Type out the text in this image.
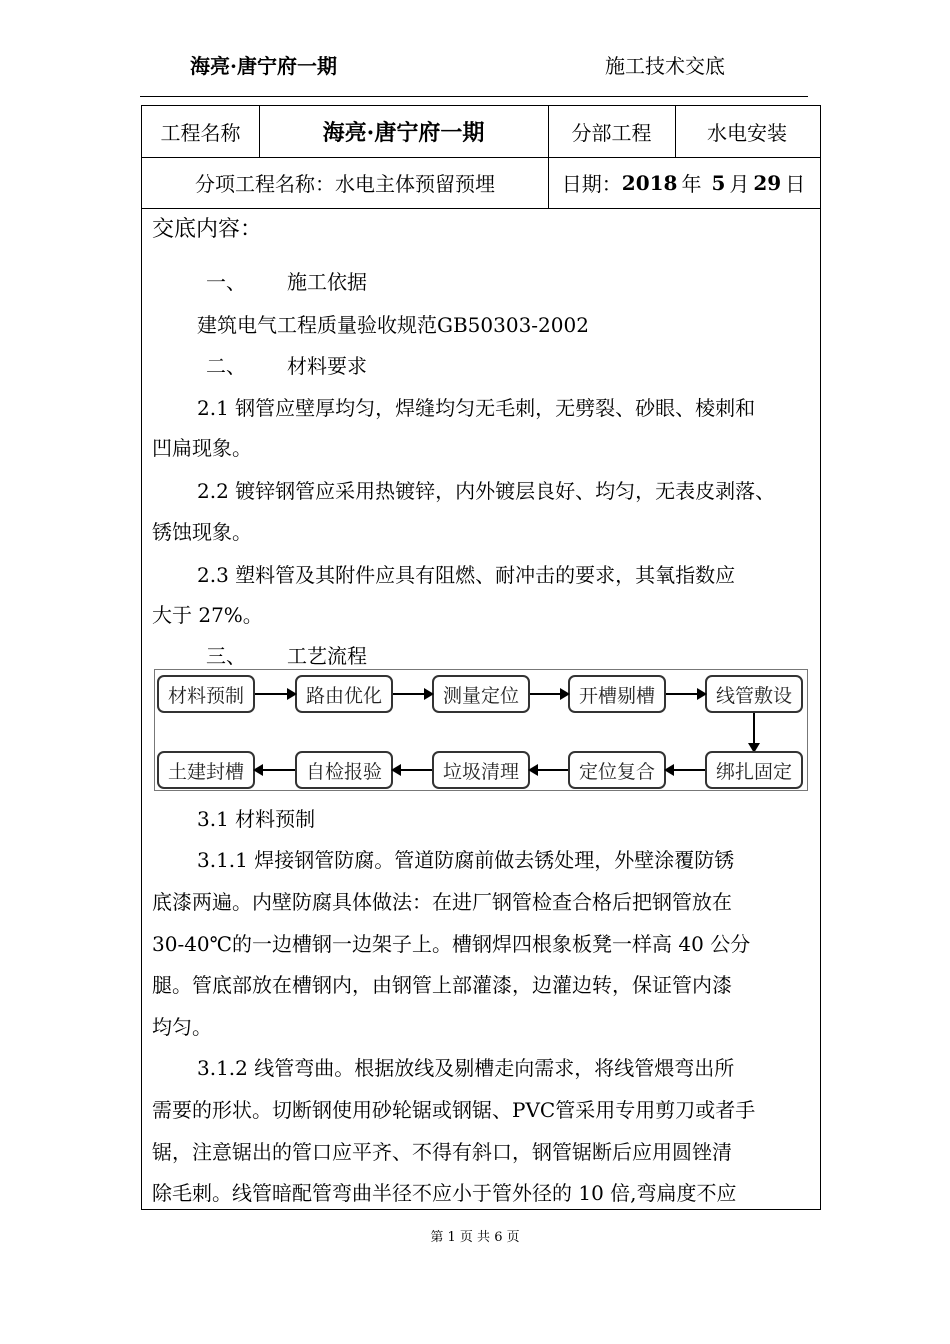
海亮·唐宁府一期	施工技术交底
工程名称	海亮·唐宁府一期	分部工程	水电安装
分项工程名称：水电主体预留预埋	日期： 2018 年 5 月 29 日
交底内容：
一、 施工依据
建筑电气工程质量验收规范GB50303-2002
二、 材料要求
2.1 钢管应壁厚均匀，焊缝均匀无毛刺，无劈裂、砂眼、棱刺和
凹扁现象。
2.2 镀锌钢管应采用热镀锌，内外镀层良好、均匀，无表皮剥落、
锈蚀现象。
2.3 塑料管及其附件应具有阻燃、耐冲击的要求，其氧指数应
大于 27%。
三、 工艺流程
材料预制	路由优化	测量定位	开槽剔槽	线管敷设
土建封槽	自检报验	垃圾清理	定位复合	绑扎固定
3.1 材料预制
3.1.1 焊接钢管防腐。管道防腐前做去锈处理，外壁涂覆防锈
底漆两遍。内壁防腐具体做法：在进厂钢管检查合格后把钢管放在
30-40℃的一边槽钢一边架子上。槽钢焊四根象板凳一样高 40 公分
腿。管底部放在槽钢内，由钢管上部灌漆，边灌边转，保证管内漆
均匀。
3.1.2 线管弯曲。根据放线及剔槽走向需求，将线管煨弯出所
需要的形状。切断钢使用砂轮锯或钢锯、PVC管采用专用剪刀或者手
锯，注意锯出的管口应平齐、不得有斜口，钢管锯断后应用圆锉清
除毛刺。线管暗配管弯曲半径不应小于管外径的 10 倍,弯扁度不应
第 1 页 共 6 页
